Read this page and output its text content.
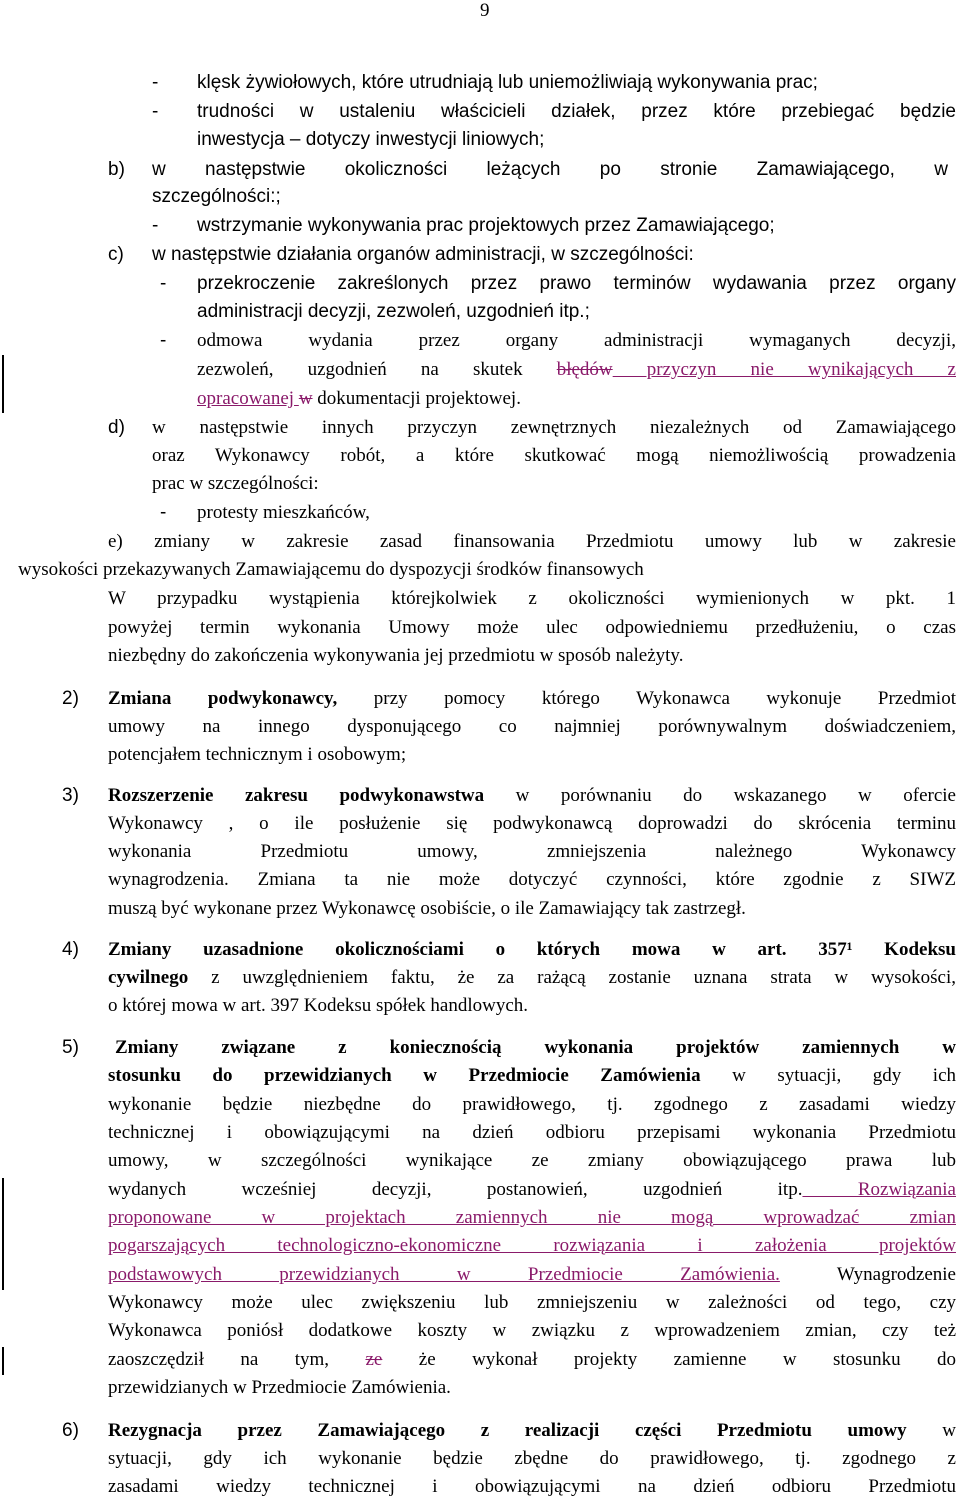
9
- klęsk żywiołowych, które utrudniają lub uniemożliwiają wykonywania prac;
- trudności w ustaleniu właścicieli działek, przez które przebiegać będzie
inwestycja – dotyczy inwestycji liniowych;
b) w następstwie okoliczności leżących po stronie Zamawiającego, w
szczególności:;
- wstrzymanie wykonywania prac projektowych przez Zamawiającego;
c) w następstwie działania organów administracji, w szczególności:
- przekroczenie zakreślonych przez prawo terminów wydawania przez organy
administracji decyzji, zezwoleń, uzgodnień itp.;
- odmowa wydania przez organy administracji wymaganych decyzji,
zezwoleń, uzgodnień na skutek błędów przyczyn nie wynikających z
opracowanej w dokumentacji projektowej.
d) w następstwie innych przyczyn zewnętrznych niezależnych od Zamawiającego
oraz Wykonawcy robót, a które skutkować mogą niemożliwością prowadzenia
prac w szczególności:
- protesty mieszkańców,
e) zmiany w zakresie zasad finansowania Przedmiotu umowy lub w zakresie
wysokości przekazywanych Zamawiającemu do dyspozycji środków finansowych
W przypadku wystąpienia którejkolwiek z okoliczności wymienionych w pkt. 1
powyżej termin wykonania Umowy może ulec odpowiedniemu przedłużeniu, o czas
niezbędny do zakończenia wykonywania jej przedmiotu w sposób należyty.
2) Zmiana podwykonawcy, przy pomocy którego Wykonawca wykonuje Przedmiot
umowy na innego dysponującego co najmniej porównywalnym doświadczeniem,
potencjałem technicznym i osobowym;
3) Rozszerzenie zakresu podwykonawstwa w porównaniu do wskazanego w ofercie
Wykonawcy , o ile posłużenie się podwykonawcą doprowadzi do skrócenia terminu
wykonania Przedmiotu umowy, zmniejszenia należnego Wykonawcy
wynagrodzenia. Zmiana ta nie może dotyczyć czynności, które zgodnie z SIWZ
muszą być wykonane przez Wykonawcę osobiście, o ile Zamawiający tak zastrzegł.
4) Zmiany uzasadnione okolicznościami o których mowa w art. 357¹ Kodeksu
cywilnego z uwzględnieniem faktu, że za rażącą zostanie uznana strata w wysokości,
o której mowa w art. 397 Kodeksu spółek handlowych.
5) Zmiany związane z koniecznością wykonania projektów zamiennych w
stosunku do przewidzianych w Przedmiocie Zamówienia w sytuacji, gdy ich
wykonanie będzie niezbędne do prawidłowego, tj. zgodnego z zasadami wiedzy
technicznej i obowiązującymi na dzień odbioru przepisami wykonania Przedmiotu
umowy, w szczególności wynikające ze zmiany obowiązującego prawa lub
wydanych wcześniej decyzji, postanowień, uzgodnień itp. Rozwiązania
proponowane w projektach zamiennych nie mogą wprowadzać zmian
pogarszających technologiczno-ekonomiczne rozwiązania i założenia projektów
podstawowych przewidzianych w Przedmiocie Zamówienia. Wynagrodzenie
Wykonawcy może ulec zwiększeniu lub zmniejszeniu w zależności od tego, czy
Wykonawca poniósł dodatkowe koszty w związku z wprowadzeniem zmian, czy też
zaoszczędził na tym, ze że wykonał projekty zamienne w stosunku do
przewidzianych w Przedmiocie Zamówienia.
6) Rezygnacja przez Zamawiającego z realizacji części Przedmiotu umowy w
sytuacji, gdy ich wykonanie będzie zbędne do prawidłowego, tj. zgodnego z
zasadami wiedzy technicznej i obowiązującymi na dzień odbioru Przedmiotu
